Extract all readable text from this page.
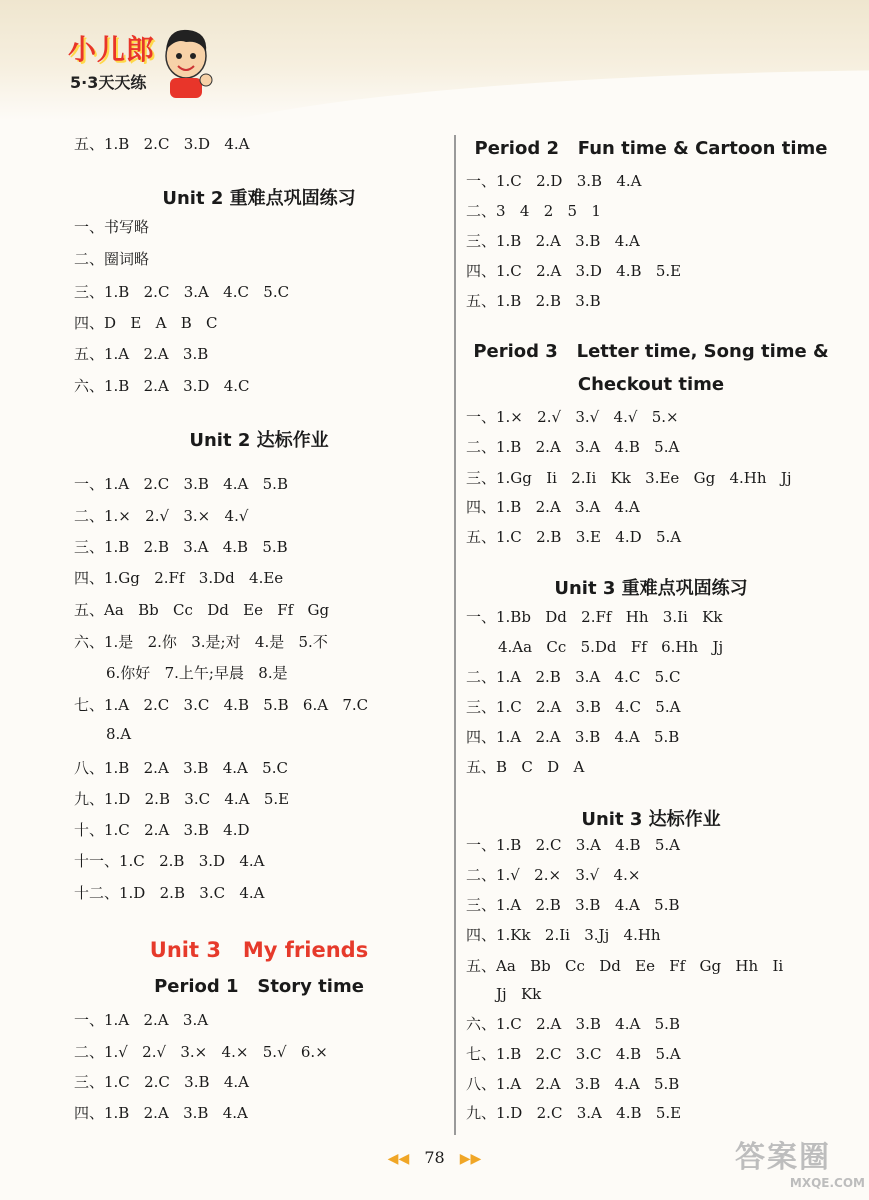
小儿郎
5·3天天练
五、1.B   2.C   3.D   4.A
Unit 2 重难点巩固练习
一、书写略
二、圈词略
三、1.B   2.C   3.A   4.C   5.C
四、D   E   A   B   C
五、1.A   2.A   3.B
六、1.B   2.A   3.D   4.C
Unit 2 达标作业
一、1.A   2.C   3.B   4.A   5.B
二、1.×   2.√   3.×   4.√
三、1.B   2.B   3.A   4.B   5.B
四、1.Gg   2.Ff   3.Dd   4.Ee
五、Aa   Bb   Cc   Dd   Ee   Ff   Gg
六、1.是   2.你   3.是;对   4.是   5.不
6.你好   7.上午;早晨   8.是
七、1.A   2.C   3.C   4.B   5.B   6.A   7.C
8.A
八、1.B   2.A   3.B   4.A   5.C
九、1.D   2.B   3.C   4.A   5.E
十、1.C   2.A   3.B   4.D
十一、1.C   2.B   3.D   4.A
十二、1.D   2.B   3.C   4.A
Unit 3   My friends
Period 1   Story time
一、1.A   2.A   3.A
二、1.√   2.√   3.×   4.×   5.√   6.×
三、1.C   2.C   3.B   4.A
四、1.B   2.A   3.B   4.A
Period 2   Fun time & Cartoon time
一、1.C   2.D   3.B   4.A
二、3   4   2   5   1
三、1.B   2.A   3.B   4.A
四、1.C   2.A   3.D   4.B   5.E
五、1.B   2.B   3.B
Period 3   Letter time, Song time &
Checkout time
一、1.×   2.√   3.√   4.√   5.×
二、1.B   2.A   3.A   4.B   5.A
三、1.Gg   Ii   2.Ii   Kk   3.Ee   Gg   4.Hh   Jj
四、1.B   2.A   3.A   4.A
五、1.C   2.B   3.E   4.D   5.A
Unit 3 重难点巩固练习
一、1.Bb   Dd   2.Ff   Hh   3.Ii   Kk
4.Aa   Cc   5.Dd   Ff   6.Hh   Jj
二、1.A   2.B   3.A   4.C   5.C
三、1.C   2.A   3.B   4.C   5.A
四、1.A   2.A   3.B   4.A   5.B
五、B   C   D   A
Unit 3 达标作业
一、1.B   2.C   3.A   4.B   5.A
二、1.√   2.×   3.√   4.×
三、1.A   2.B   3.B   4.A   5.B
四、1.Kk   2.Ii   3.Jj   4.Hh
五、Aa   Bb   Cc   Dd   Ee   Ff   Gg   Hh   Ii
Jj   Kk
六、1.C   2.A   3.B   4.A   5.B
七、1.B   2.C   3.C   4.B   5.A
八、1.A   2.A   3.B   4.A   5.B
九、1.D   2.C   3.A   4.B   5.E
◀◀ 78 ▶▶	答案圈
MXQE.COM
